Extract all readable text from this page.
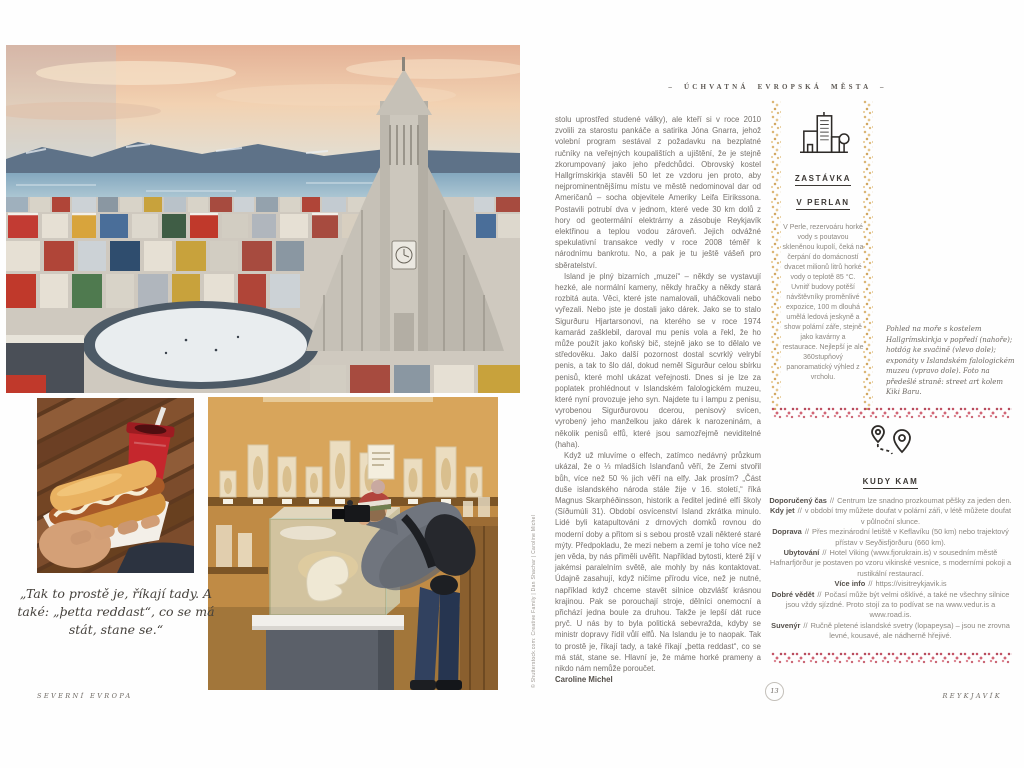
„Tak to prostě je, říkají tady. A také: „þetta reddast“, co se má stát, stane se.“
SEVERNÍ EVROPA
© Shutterstock.com: Creative Family | Dan Shachar | Caroline Michel
– ÚCHVATNÁ EVROPSKÁ MĚSTA –

stolu uprostřed studené války), ale kteří si v roce 2010 zvolili za starostu pankáče a satirika Jóna Gnarra, jehož volební program sestával z požadavku na bezplatné ručníky na veřejných koupalištích a ujištění, že je stejně zkorumpovaný jako jeho předchůdci. Obrovský kostel Hallgrímskirkja stavěli 50 let ze vzdoru jen proto, aby nejprominentnějšímu místu ve městě nedominoval dar od Američanů – socha objevitele Ameriky Leifa Eirikssona. Postavili potrubí dva v jednom, které vede 30 km dolů z hory od geotermální elektrárny a zásobuje Reykjavík elektřinou a teplou vodou zároveň. Jejich odvážné spekulativní transakce vedly v roce 2008 téměř k národnímu bankrotu. No, a pak je tu ještě vášeň pro sběratelství.

Island je plný bizarních „muzeí“ – někdy se vystavují hezké, ale normální kameny, někdy hračky a někdy stará rozbitá auta. Věci, které jste namalovali, uháčkovali nebo vyřezali. Nebo jste je dostali jako dárek. Jako se to stalo Sigurðuru Hjartarsonovi, na kterého se v roce 1974 kamarád zašklebil, daroval mu penis vola a řekl, že ho může použít jako koňský bič, stejně jako se to dělalo ve středověku. Jako další pozornost dostal scvrklý velrybí penis, a tak to šlo dál, dokud neměl Sigurður celou sbírku penisů, které mohl ukázat veřejnosti. Dnes si je lze za poplatek prohlédnout v Islandském falologickém muzeu, které nyní provozuje jeho syn. Najdete tu i lampu z penisu, vyrobenou Sigurðurovou dcerou, penisový svícen, vyrobený jeho manželkou jako dárek k narozeninám, a několik penisů elfů, které jsou samozřejmě neviditelné (haha).

Když už mluvíme o elfech, zatímco nedávný průzkum ukázal, že o ⅓ mladších Islanďanů věří, že Zemi stvořil bůh, více než 50 % jich věří na elfy. Jak prosím? „Část duše islandského národa stále žije v 16. století,“ říká Magnus Skarphéðinsson, historik a ředitel jediné elfí školy (Síðumúli 31). Období osvícenství Island zkrátka minulo. Lidé byli katapultováni z drnových domků rovnou do moderní doby a přitom si s sebou prostě vzali některé staré mýty. Předpokladu, že mezi nebem a zemí je toho více než jen věda, by nás přiměli uvěřit. Například bytosti, které žijí v jakémsi paralelním světě, ale mohly by nás kontaktovat. Údajně zasahují, když ničíme přírodu více, než je nutné, například když chceme stavět silnice obzvlášť krásnou krajinou. Pak se porouchají stroje, dělníci onemocní a přichází jedna boule za druhou. Takže je lepší dát ruce pryč. U nás by to byla politická sebevražda, kdyby se ministr dopravy řídil vůlí elfů. Na Islandu je to naopak. Tak to prostě je, říkají tady, a také říkají „þetta reddast“, co se má stát, stane se. Hlavní je, že máme horké prameny a nikdo nám nemůže poroučet.

Caroline Michel

ZASTÁVKA
V PERLAN

V Perle, rezervoáru horké vody s poutavou skleněnou kupolí, čeká na čerpání do domácností dvacet milionů litrů horké vody o teplotě 85 °C. Uvnitř budovy potěší návštěvníky proměnlivé expozice, 100 m dlouhá umělá ledová jeskyně a show polární záře, stejně jako kavárny a restaurace. Nejlepší je ale 360stupňový panoramatický výhled z vrcholu.

Pohled na moře s kostelem Hallgrímskirkja v popředí (nahoře); hotdóg ke svačině (vlevo dole); exponáty v Islandském falologickém muzeu (vpravo dole). Foto na předešlé straně: street art kolem Kiki Baru.
KUDY KAM
Doporučený čas // Centrum lze snadno prozkoumat pěšky za jeden den.
Kdy jet // v období tmy můžete doufat v polární záři, v létě můžete doufat v půlnoční slunce.
Doprava // Přes mezinárodní letiště v Keflavíku (50 km) nebo trajektový přístav v Seyðisfjörðuru (660 km).
Ubytování // Hotel Viking (www.fjorukrain.is) v sousedním městě Hafnarfjörður je postaven po vzoru vikinské vesnice, s moderními pokoji a rustikální restaurací.
Více info // https://visitreykjavik.is
Dobré vědět // Počasí může být velmi ošklivé, a také ne všechny silnice jsou vždy sjízdné. Proto stojí za to podívat se na www.vedur.is a www.road.is.
Suvenýr // Ručně pletené islandské svetry (lopapeysa) – jsou ne zrovna levné, kousavé, ale nádherně hřejivé.
13
REYKJAVÍK
